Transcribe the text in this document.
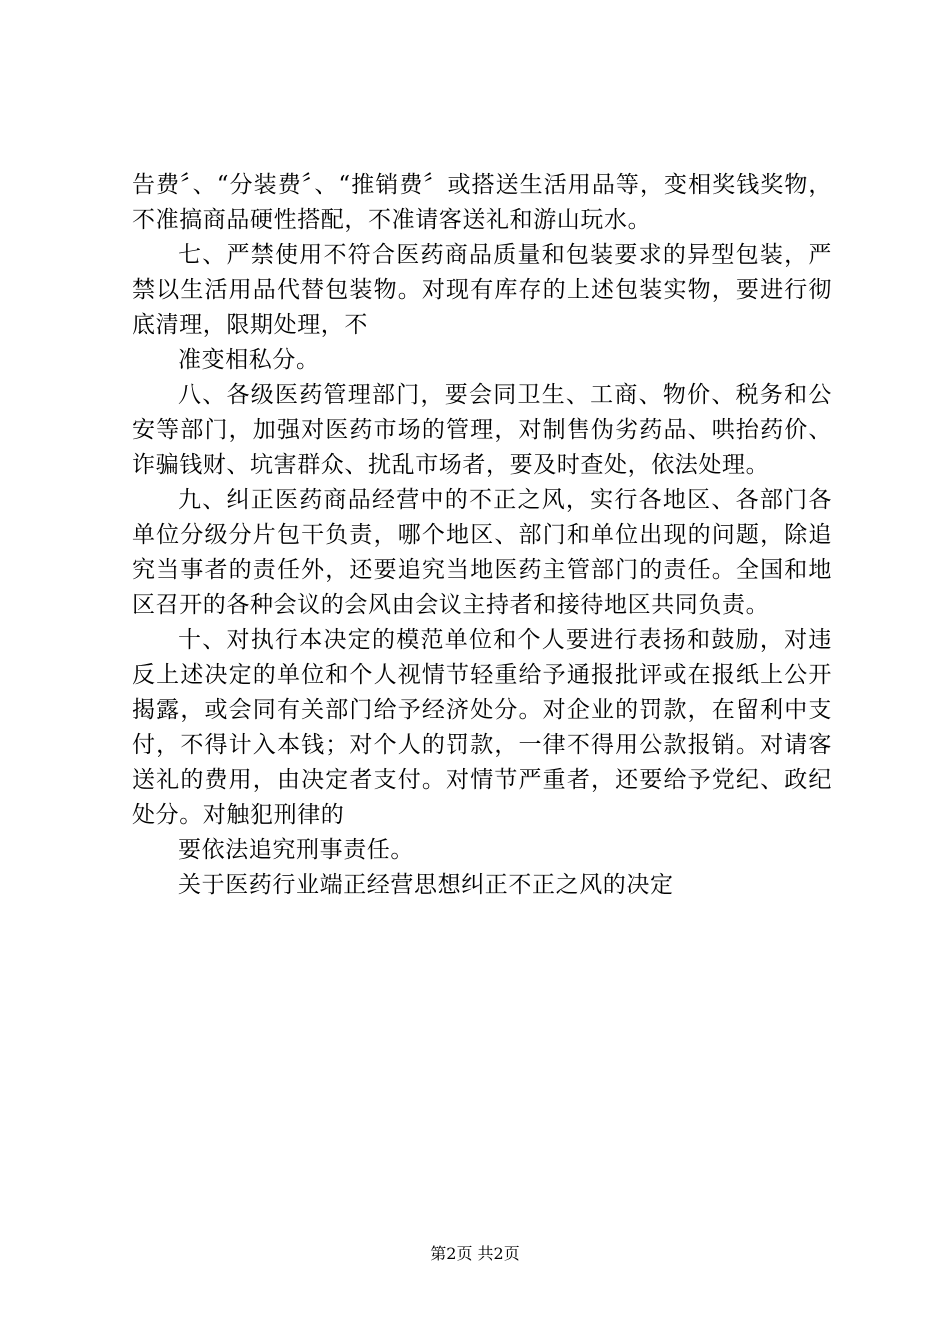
告费〞、“分装费〞、“推销费〞或搭送生活用品等，变相奖钱奖物，不准搞商品硬性搭配，不准请客送礼和游山玩水。

七、严禁使用不符合医药商品质量和包装要求的异型包装，严禁以生活用品代替包装物。对现有库存的上述包装实物，要进行彻底清理，限期处理，不

准变相私分。

八、各级医药管理部门，要会同卫生、工商、物价、税务和公安等部门，加强对医药市场的管理，对制售伪劣药品、哄抬药价、诈骗钱财、坑害群众、扰乱市场者，要及时查处，依法处理。

九、纠正医药商品经营中的不正之风，实行各地区、各部门各单位分级分片包干负责，哪个地区、部门和单位出现的问题，除追究当事者的责任外，还要追究当地医药主管部门的责任。全国和地区召开的各种会议的会风由会议主持者和接待地区共同负责。

十、对执行本决定的模范单位和个人要进行表扬和鼓励，对违反上述决定的单位和个人视情节轻重给予通报批评或在报纸上公开揭露，或会同有关部门给予经济处分。对企业的罚款，在留利中支付，不得计入本钱；对个人的罚款，一律不得用公款报销。对请客送礼的费用，由决定者支付。对情节严重者，还要给予党纪、政纪处分。对触犯刑律的

要依法追究刑事责任。

关于医药行业端正经营思想纠正不正之风的决定

第2页 共2页
